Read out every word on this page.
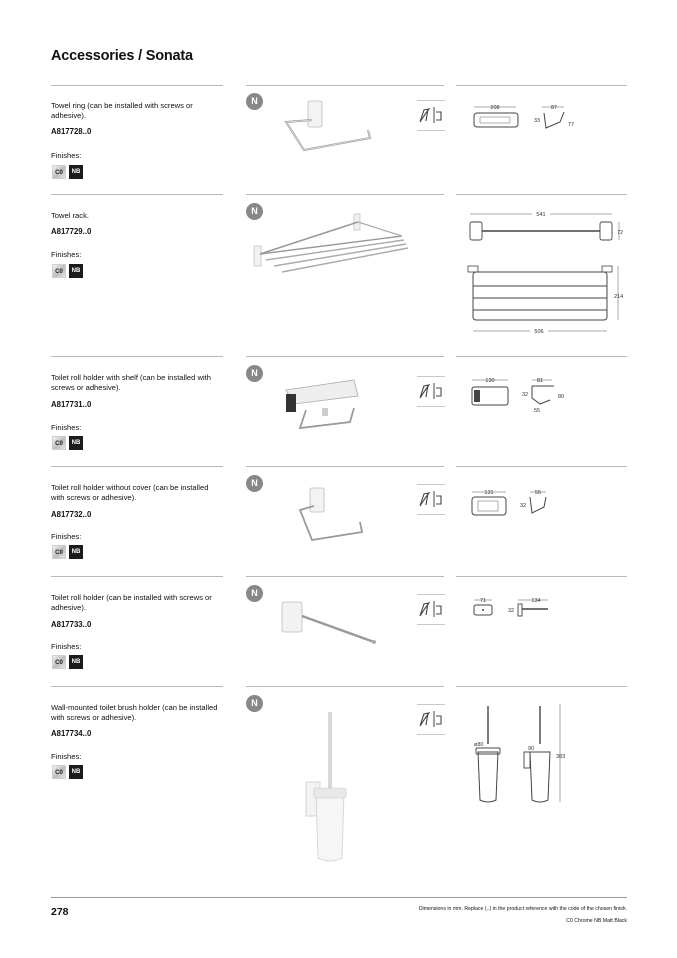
Accessories / Sonata
Towel ring (can be installed with screws or adhesive).
A817728..0
Finishes:
C0	NB
N
208	87
33
77
Towel rack.
A817729..0
Finishes:
C0	NB
N	541
72
214
506
Toilet roll holder with shelf (can be installed with screws or adhesive).
A817731..0
Finishes:
C0	NB
N
130	81
32	80
55
Toilet roll holder without cover (can be installed with screws or adhesive).
A817732..0
Finishes:
C0	NB
N
131	55
32
Toilet roll holder (can be installed with screws or adhesive).
A817733..0
Finishes:
C0	NB
N
71	134
32
Wall-mounted toilet brush holder (can be installed with screws or adhesive).
A817734..0
Finishes:
C0	NB
N
ø80
90
383
278	Dimensions in mm. Replace (..) in the product reference with the code of the chosen finish.
C0 Chrome NB Matt Black
